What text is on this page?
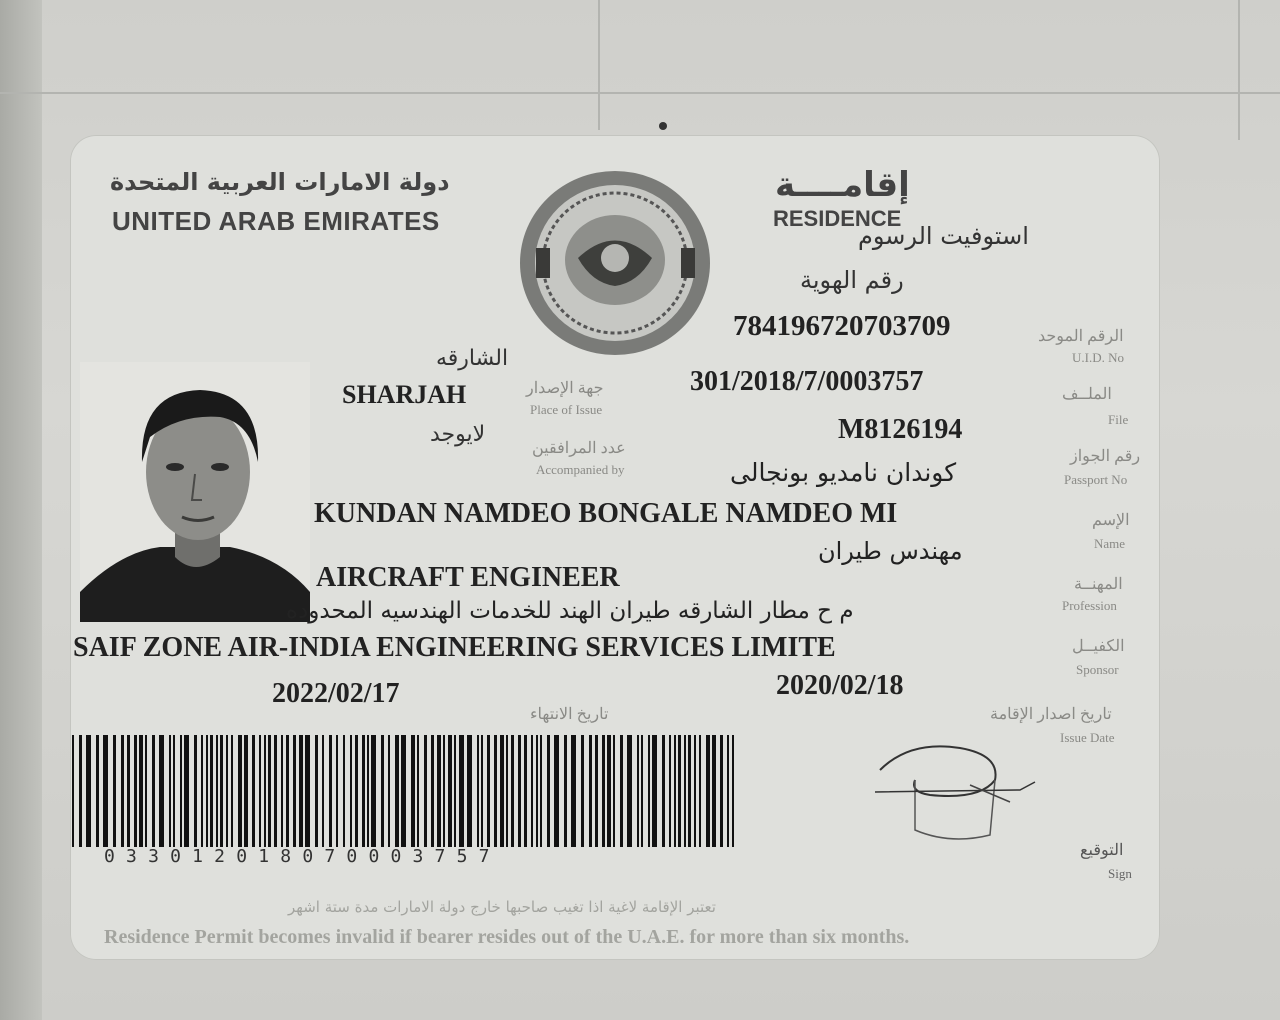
دولة الامارات العربية المتحدة
UNITED ARAB EMIRATES
إقامــــة
RESIDENCE
استوفيت الرسوم
رقم الهوية
784196720703709
الشارقه
SHARJAH
لايوجد
301/2018/7/0003757
M8126194
كوندان نامديو بونجالى
KUNDAN NAMDEO BONGALE NAMDEO MI
مهندس طيران
AIRCRAFT ENGINEER
م ح مطار الشارقه طيران الهند للخدمات الهندسيه المحدوده
SAIF ZONE AIR-INDIA ENGINEERING SERVICES LIMITE
2022/02/17	2020/02/18
الرقم الموحد
U.I.D. No
الملــف
File
رقم الجواز
Passport No
الإسم
Name
المهنــة
Profession
الكفيــل
Sponsor
تاريخ اصدار الإقامة
Issue Date
جهة الإصدار
Place of Issue
عدد المرافقين
Accompanied by
تاريخ الانتهاء
التوقيع
Sign
033012018070003757
تعتبر الإقامة لاغية اذا تغيب صاحبها خارج دولة الامارات مدة ستة اشهر
Residence Permit becomes invalid if bearer resides out of the U.A.E. for more than six months.
